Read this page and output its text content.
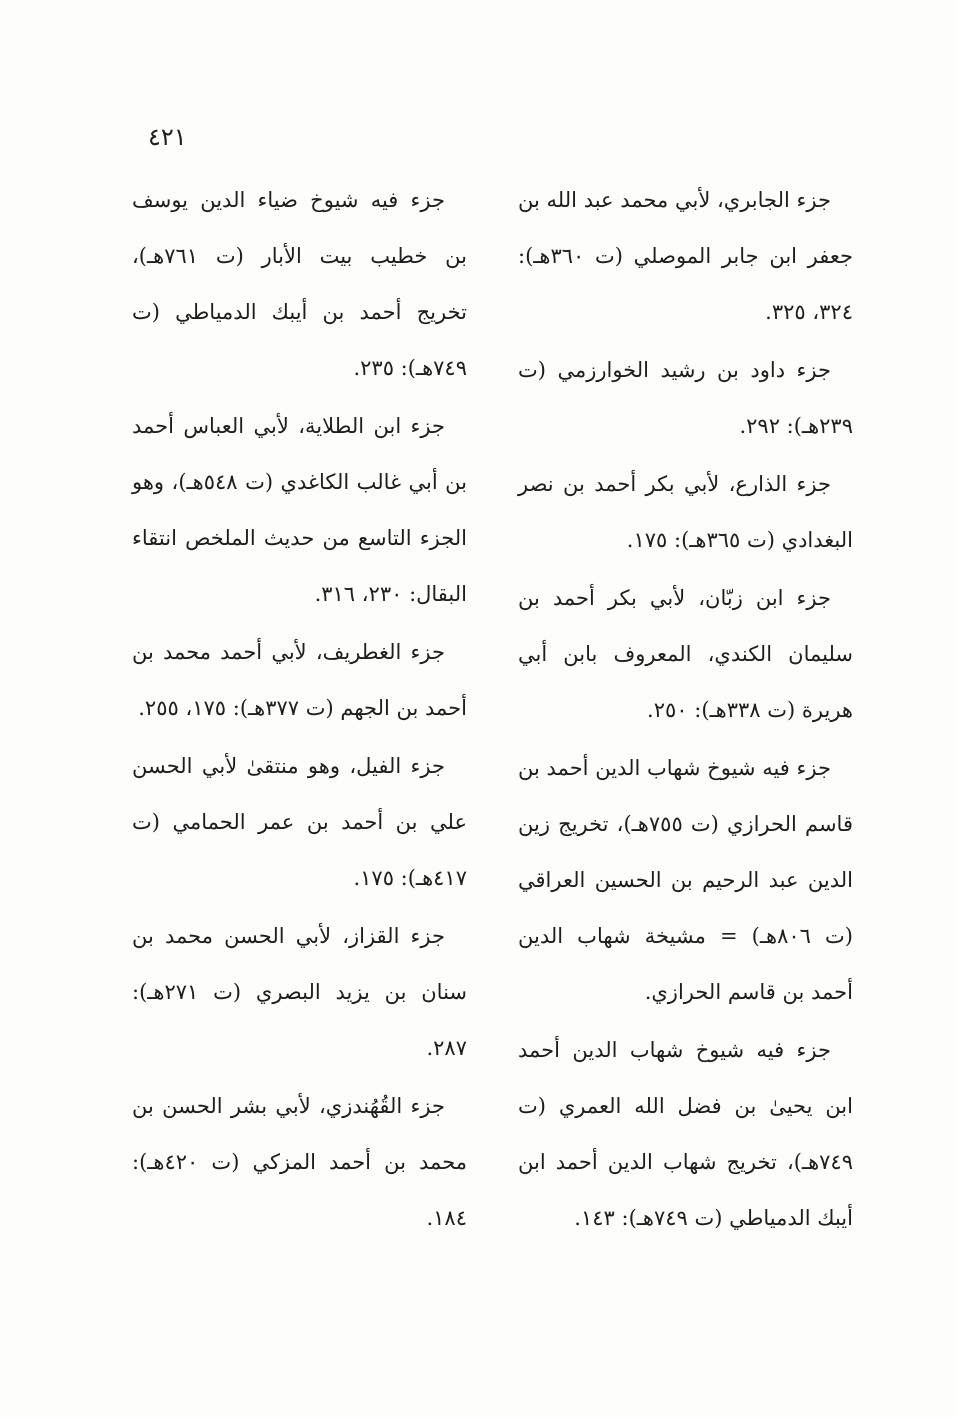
٤٢١

جزء الجابري، لأبي محمد عبد الله بن جعفر ابن جابر الموصلي (ت ٣٦٠هـ): ٣٢٤، ٣٢٥.

جزء داود بن رشيد الخوارزمي (ت ٢٣٩هـ): ٢٩٢.

جزء الذارع، لأبي بكر أحمد بن نصر البغدادي (ت ٣٦٥هـ): ١٧٥.

جزء ابن زبّان، لأبي بكر أحمد بن سليمان الكندي، المعروف بابن أبي هريرة (ت ٣٣٨هـ): ٢٥٠.

جزء فيه شيوخ شهاب الدين أحمد بن قاسم الحرازي (ت ٧٥٥هـ)، تخريج زين الدين عبد الرحيم بن الحسين العراقي (ت ٨٠٦هـ) = مشيخة شهاب الدين أحمد بن قاسم الحرازي.

جزء فيه شيوخ شهاب الدين أحمد ابن يحيىٰ بن فضل الله العمري (ت ٧٤٩هـ)، تخريج شهاب الدين أحمد ابن أيبك الدمياطي (ت ٧٤٩هـ): ١٤٣.

جزء فيه شيوخ ضياء الدين يوسف بن خطيب بيت الأبار (ت ٧٦١هـ)، تخريج أحمد بن أيبك الدمياطي (ت ٧٤٩هـ): ٢٣٥.

جزء ابن الطلاية، لأبي العباس أحمد بن أبي غالب الكاغدي (ت ٥٤٨هـ)، وهو الجزء التاسع من حديث الملخص انتقاء البقال: ٢٣٠، ٣١٦.

جزء الغطريف، لأبي أحمد محمد بن أحمد بن الجهم (ت ٣٧٧هـ): ١٧٥، ٢٥٥.

جزء الفيل، وهو منتقىٰ لأبي الحسن علي بن أحمد بن عمر الحمامي (ت ٤١٧هـ): ١٧٥.

جزء القزاز، لأبي الحسن محمد بن سنان بن يزيد البصري (ت ٢٧١هـ): ٢٨٧.

جزء القُهُندزي، لأبي بشر الحسن بن محمد بن أحمد المزكي (ت ٤٢٠هـ): ١٨٤.
